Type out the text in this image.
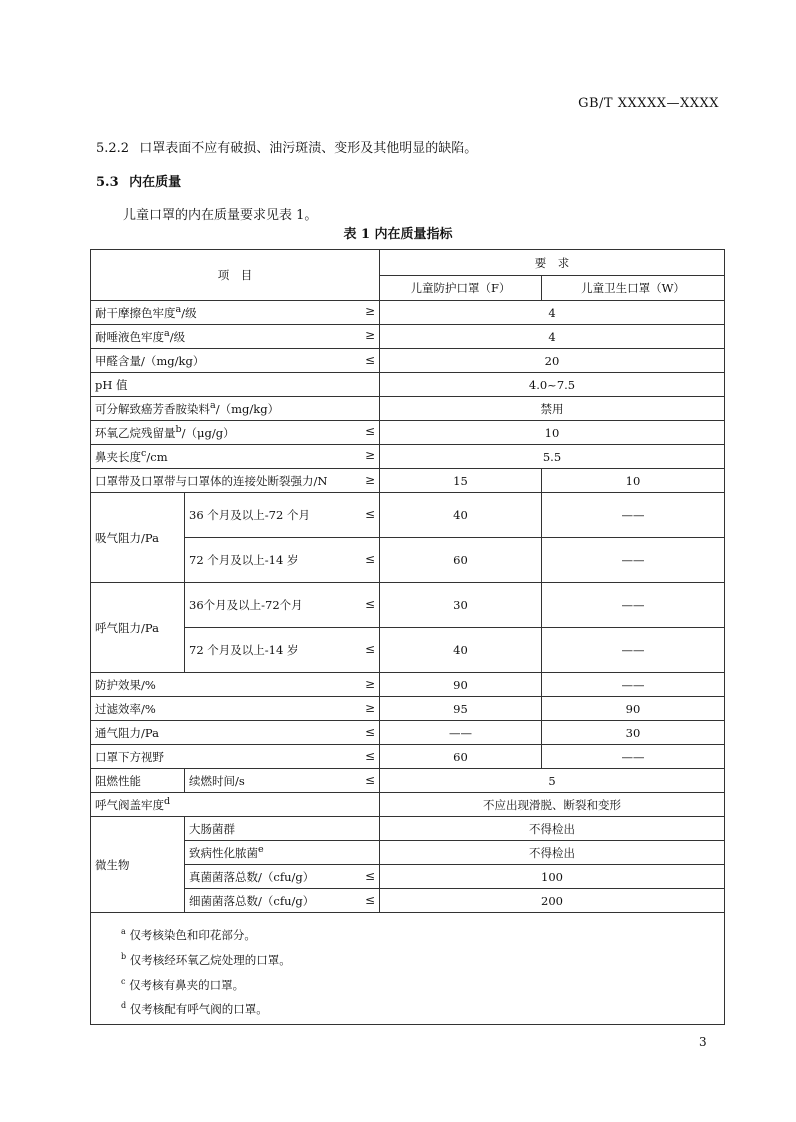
GB/T XXXXX—XXXX
5.2.2 口罩表面不应有破损、油污斑渍、变形及其他明显的缺陷。
5.3 内在质量
儿童口罩的内在质量要求见表 1。
表 1 内在质量指标
项　目		要　求	
		儿童防护口罩（F）	儿童卫生口罩（W）
耐干摩擦色牢度$^a$/级 ≥		4	
耐唾液色牢度$^a$/级 ≥		4	
甲醛含量/（mg/kg） ≤		20	
pH 值		4.0~7.5	
可分解致癌芳香胺染料$^a$/（mg/kg）		禁用	
环氧乙烷残留量$^b$/（μg/g） ≤		10	
鼻夹长度$^c$/cm ≥		5.5	
口罩带及口罩带与口罩体的连接处断裂强力/N ≥		15	10
吸气阻力/Pa	36 个月及以上-72 个月 ≤	40	——
	72 个月及以上-14 岁 ≤	60	——
呼气阻力/Pa	36个月及以上-72个月 ≤	30	——
	72 个月及以上-14 岁 ≤	40	——
防护效果/% ≥		90	——
过滤效率/% ≥		95	90
通气阻力/Pa ≤		——	30
口罩下方视野 ≤		60	——
阻燃性能	续燃时间/s ≤	5	
呼气阀盖牢度$^d$		不应出现滑脱、断裂和变形	
微生物	大肠菌群	不得检出	
	致病性化脓菌$^e$	不得检出	
	真菌菌落总数/（cfu/g） ≤	100	
	细菌菌落总数/（cfu/g） ≤	200	

$^a$ 仅考核染色和印花部分。

$^b$ 仅考核经环氧乙烷处理的口罩。

$^c$ 仅考核有鼻夹的口罩。

$^d$ 仅考核配有呼气阀的口罩。			

3
